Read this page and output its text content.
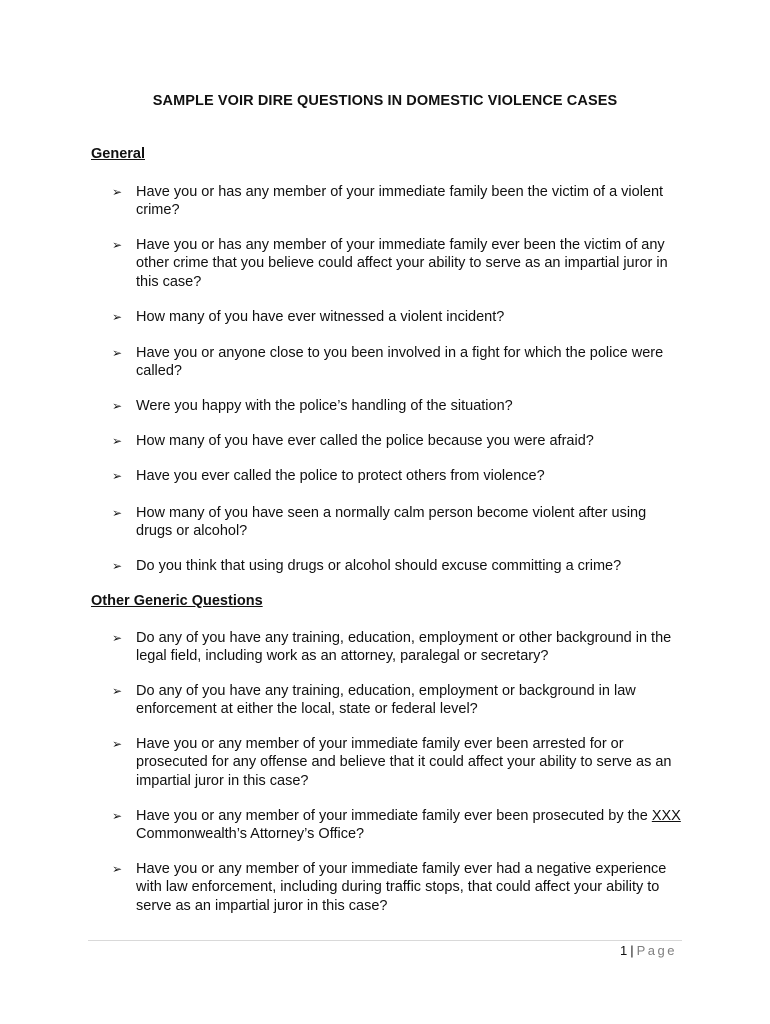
SAMPLE VOIR DIRE QUESTIONS IN DOMESTIC VIOLENCE CASES
General
➢ Have you or has any member of your immediate family been the victim of a violent crime?
➢ Have you or has any member of your immediate family ever been the victim of any other crime that you believe could affect your ability to serve as an impartial juror in this case?
➢ How many of you have ever witnessed a violent incident?
➢ Have you or anyone close to you been involved in a fight for which the police were called?
➢ Were you happy with the police’s handling of the situation?
➢ How many of you have ever called the police because you were afraid?
➢ Have you ever called the police to protect others from violence?
➢ How many of you have seen a normally calm person become violent after using drugs or alcohol?
➢ Do you think that using drugs or alcohol should excuse committing a crime?
Other Generic Questions
➢ Do any of you have any training, education, employment or other background in the legal field, including work as an attorney, paralegal or secretary?
➢ Do any of you have any training, education, employment or background in law enforcement at either the local, state or federal level?
➢ Have you or any member of your immediate family ever been arrested for or prosecuted for any offense and believe that it could affect your ability to serve as an impartial juror in this case?
➢ Have you or any member of your immediate family ever been prosecuted by the XXX Commonwealth’s Attorney’s Office?
➢ Have you or any member of your immediate family ever had a negative experience with law enforcement, including during traffic stops, that could affect your ability to serve as an impartial juror in this case?
1 | Page
